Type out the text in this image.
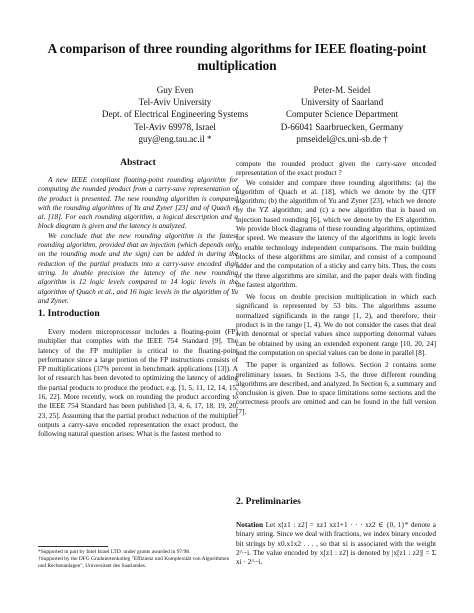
A comparison of three rounding algorithms for IEEE floating-point
multiplication
Guy Even
Tel-Aviv University
Dept. of Electrical Engineering Systems
Tel-Aviv 69978, Israel
guy@eng.tau.ac.il *
Peter-M. Seidel
University of Saarland
Computer Science Department
D-66041 Saarbruecken, Germany
pmseidel@cs.uni-sb.de †
Abstract

A new IEEE compliant floating-point rounding algorithm for computing the rounded product from a carry-save representation of the product is presented. The new rounding algorithm is compared with the rounding algorithms of Yu and Zyner [23] and of Quach et al. [18]. For each rounding algorithm, a logical description and a block diagram is given and the latency is analyzed.

We conclude that the new rounding algorithm is the fastest rounding algorithm, provided that an injection (which depends only on the rounding mode and the sign) can be added in during the reduction of the partial products into a carry-save encoded digit string. In double precision the latency of the new rounding algorithm is 12 logic levels compared to 14 logic levels in the algorithm of Quach et al., and 16 logic levels in the algorithm of Yu and Zyner.

1. Introduction

Every modern microprocessor includes a floating-point (FP) multiplier that complies with the IEEE 754 Standard [9]. The latency of the FP multiplier is critical to the floating-point performance since a large portion of the FP instructions consists of FP multiplications (37% percent in benchmark applications [13]). A lot of research has been devoted to optimizing the latency of adding the partial products to produce the product, e.g. [1, 5, 11, 12, 14, 15, 16, 22]. More recently, work on rounding the product according to the IEEE 754 Standard has been published [3, 4, 6, 17, 18, 19, 20, 23, 25]. Assuming that the partial product reduction of the multiplier outputs a carry-save encoded representation the exact product, the following natural question arises: What is the fastest method to

*Supported in part by Intel Israel LTD. under grants awarded in 97/98.

†Supported by the DFG Graduiertenkolleg "Effizienz und Komplexität von Algorithmen und Rechenanlagen", Universitaet des Saarlandes.

compute the rounded product given the carry-save encoded representation of the exact product ?

We consider and compare three rounding algorithms: (a) the algorithm of Quach et al. [18], which we denote by the QTF algorithm; (b) the algorithm of Yu and Zyner [23], which we denote by the YZ algorithm; and (c) a new algorithm that is based on injection based rounding [6], which we denote by the ES algorithm. We provide block diagrams of these rounding algorithms, optimized for speed. We measure the latency of the algorithms in logic levels to enable technology independent comparisons. The main building blocks of these algorithms are similar, and consist of a compound adder and the computation of a sticky and carry bits. Thus, the costs of the three algorithms are similar, and the paper deals with finding the fastest algorithm.

We focus on double precision multiplication in which each significand is represented by 53 bits. The algorithms assume normalized significands in the range [1, 2), and therefore, their product is in the range [1, 4). We do not consider the cases that deal with denormal or special values since supporting denormal values can be obtained by using an extended exponent range [10, 20, 24] and the computation on special values can be done in parallel [8].

The paper is organized as follows. Section 2 contains some preliminary issues. In Sections 3-5, the three different rounding algorithms are described, and analyzed. In Section 6, a summary and conclusion is given. Due to space limitations some sections and the correctness proofs are omitted and can be found in the full version [7].

2. Preliminaries

Notation Let x[z1 : z2] = xz1 xz1+1 · · · xz2 ∈ {0, 1}* denote a binary string. Since we deal with fractions, we index binary encoded bit strings by x0.x1x2 . . . , so that xi is associated with the weight 2^−i. The value encoded by x[z1 : z2] is denoted by |x[z1 : z2]| = Σ xi · 2^−i.
